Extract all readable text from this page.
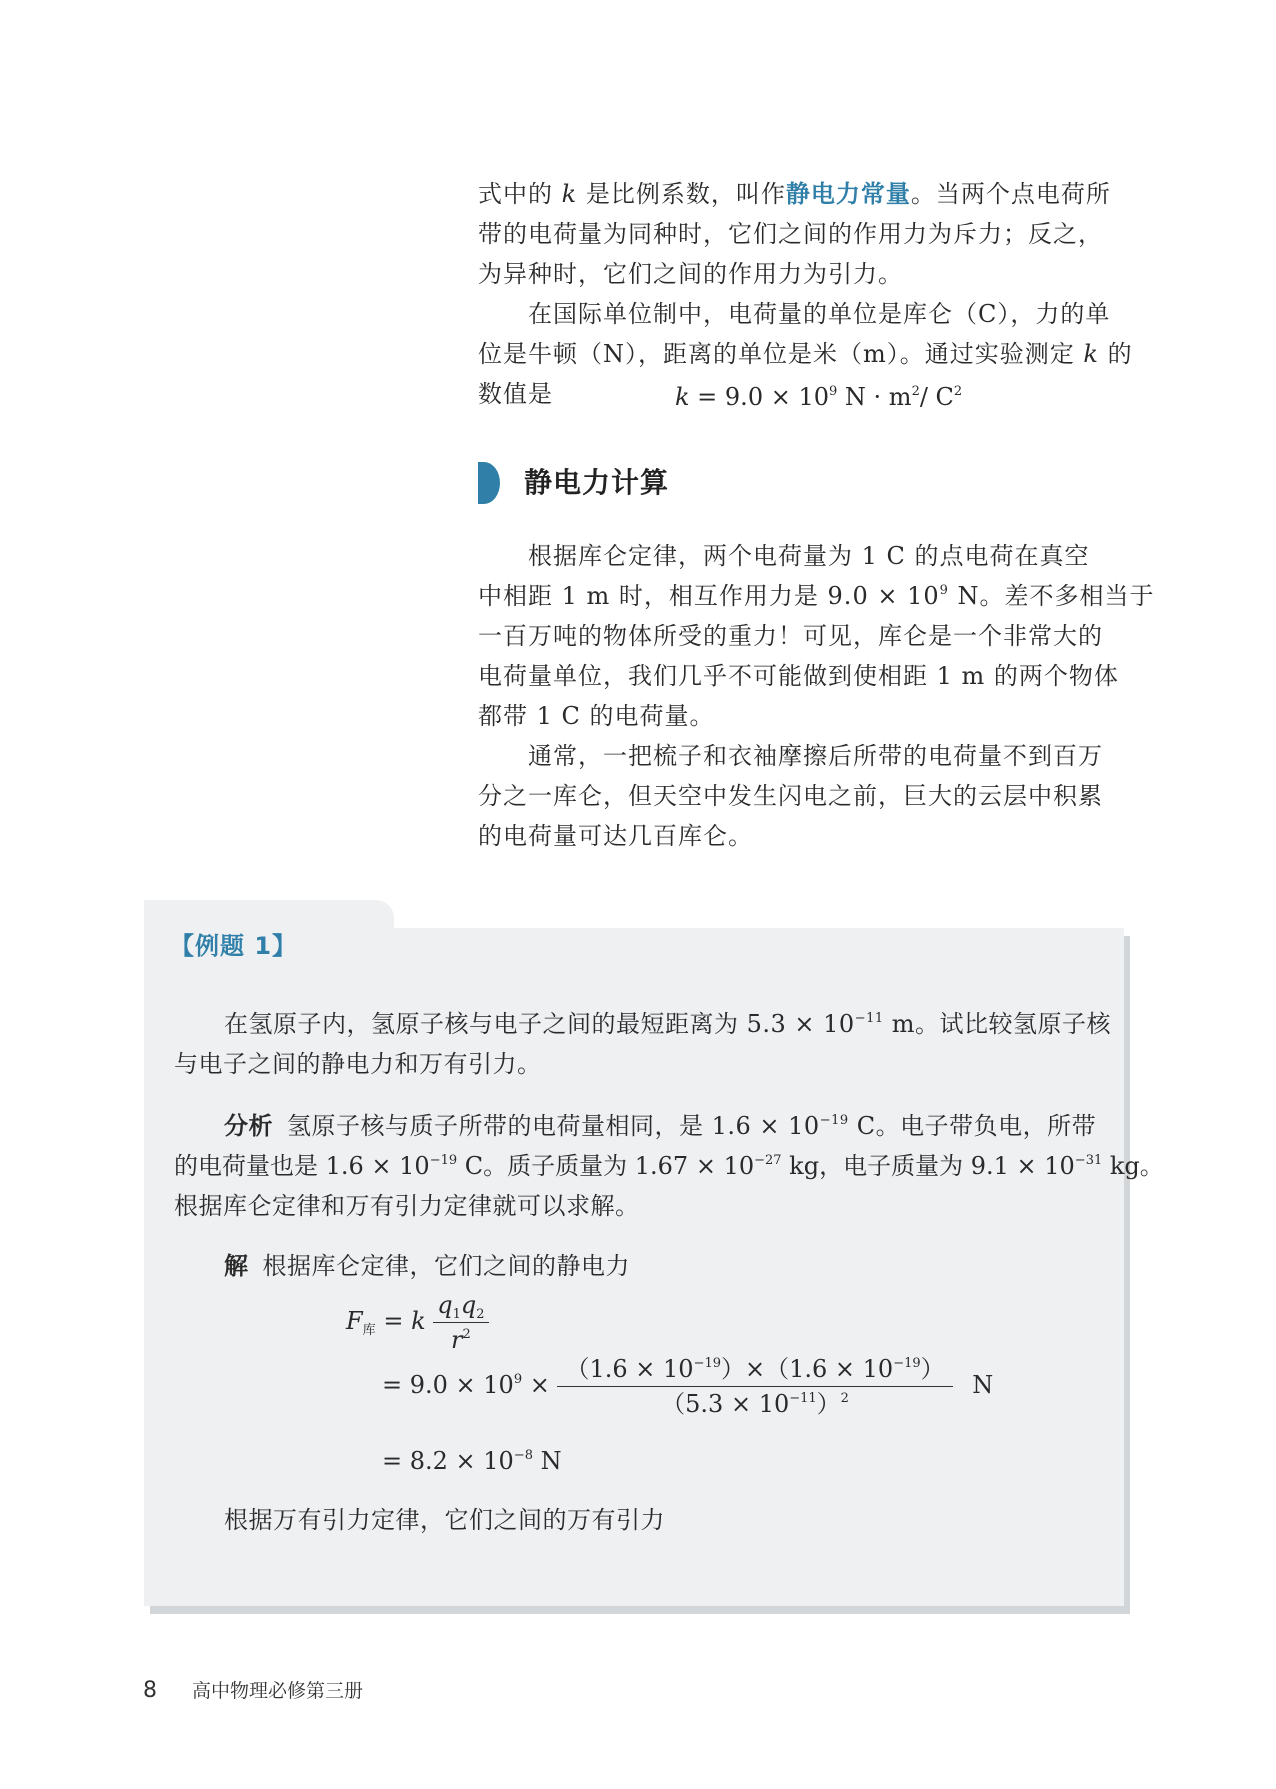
式中的 k 是比例系数，叫作静电力常量。当两个点电荷所
带的电荷量为同种时，它们之间的作用力为斥力；反之，
为异种时，它们之间的作用力为引力。
在国际单位制中，电荷量的单位是库仑（C），力的单
位是牛顿（N），距离的单位是米（m）。通过实验测定 k 的
数值是	$k = 9.0 \times 10^9$ $N \cdot m^2/$ $C^2$
静电力计算
根据库仑定律，两个电荷量为 1 C 的点电荷在真空
中相距 1 m 时，相互作用力是 $9.0 \times 10^9$ N。差不多相当于
一百万吨的物体所受的重力！可见，库仑是一个非常大的
电荷量单位，我们几乎不可能做到使相距 1 m 的两个物体
都带 1 C 的电荷量。
通常，一把梳子和衣袖摩擦后所带的电荷量不到百万
分之一库仑，但天空中发生闪电之前，巨大的云层中积累
的电荷量可达几百库仑。
【例题 1】
在氢原子内，氢原子核与电子之间的最短距离为 $5.3 \times 10^{-11}$ m。试比较氢原子核
与电子之间的静电力和万有引力。
分析 氢原子核与质子所带的电荷量相同，是 $1.6 \times 10^{-19}$ C。电子带负电，所带
的电荷量也是 $1.6 \times 10^{-19}$ C。质子质量为 $1.67 \times 10^{-27}$ kg，电子质量为 $9.1 \times 10^{-31}$ kg。
根据库仑定律和万有引力定律就可以求解。
解 根据库仑定律，它们之间的静电力
$F_库 = k \frac{q_1q_2}{r^2}$
= $9.0 \times 10^9 \times \frac{(1.6 \times 10^{-19})\times(1.6 \times 10^{-19})}{(5.3 \times 10^{-11})^2}$ N
= $8.2 \times 10^{-8}$ N
根据万有引力定律，它们之间的万有引力
8 高中物理必修第三册
